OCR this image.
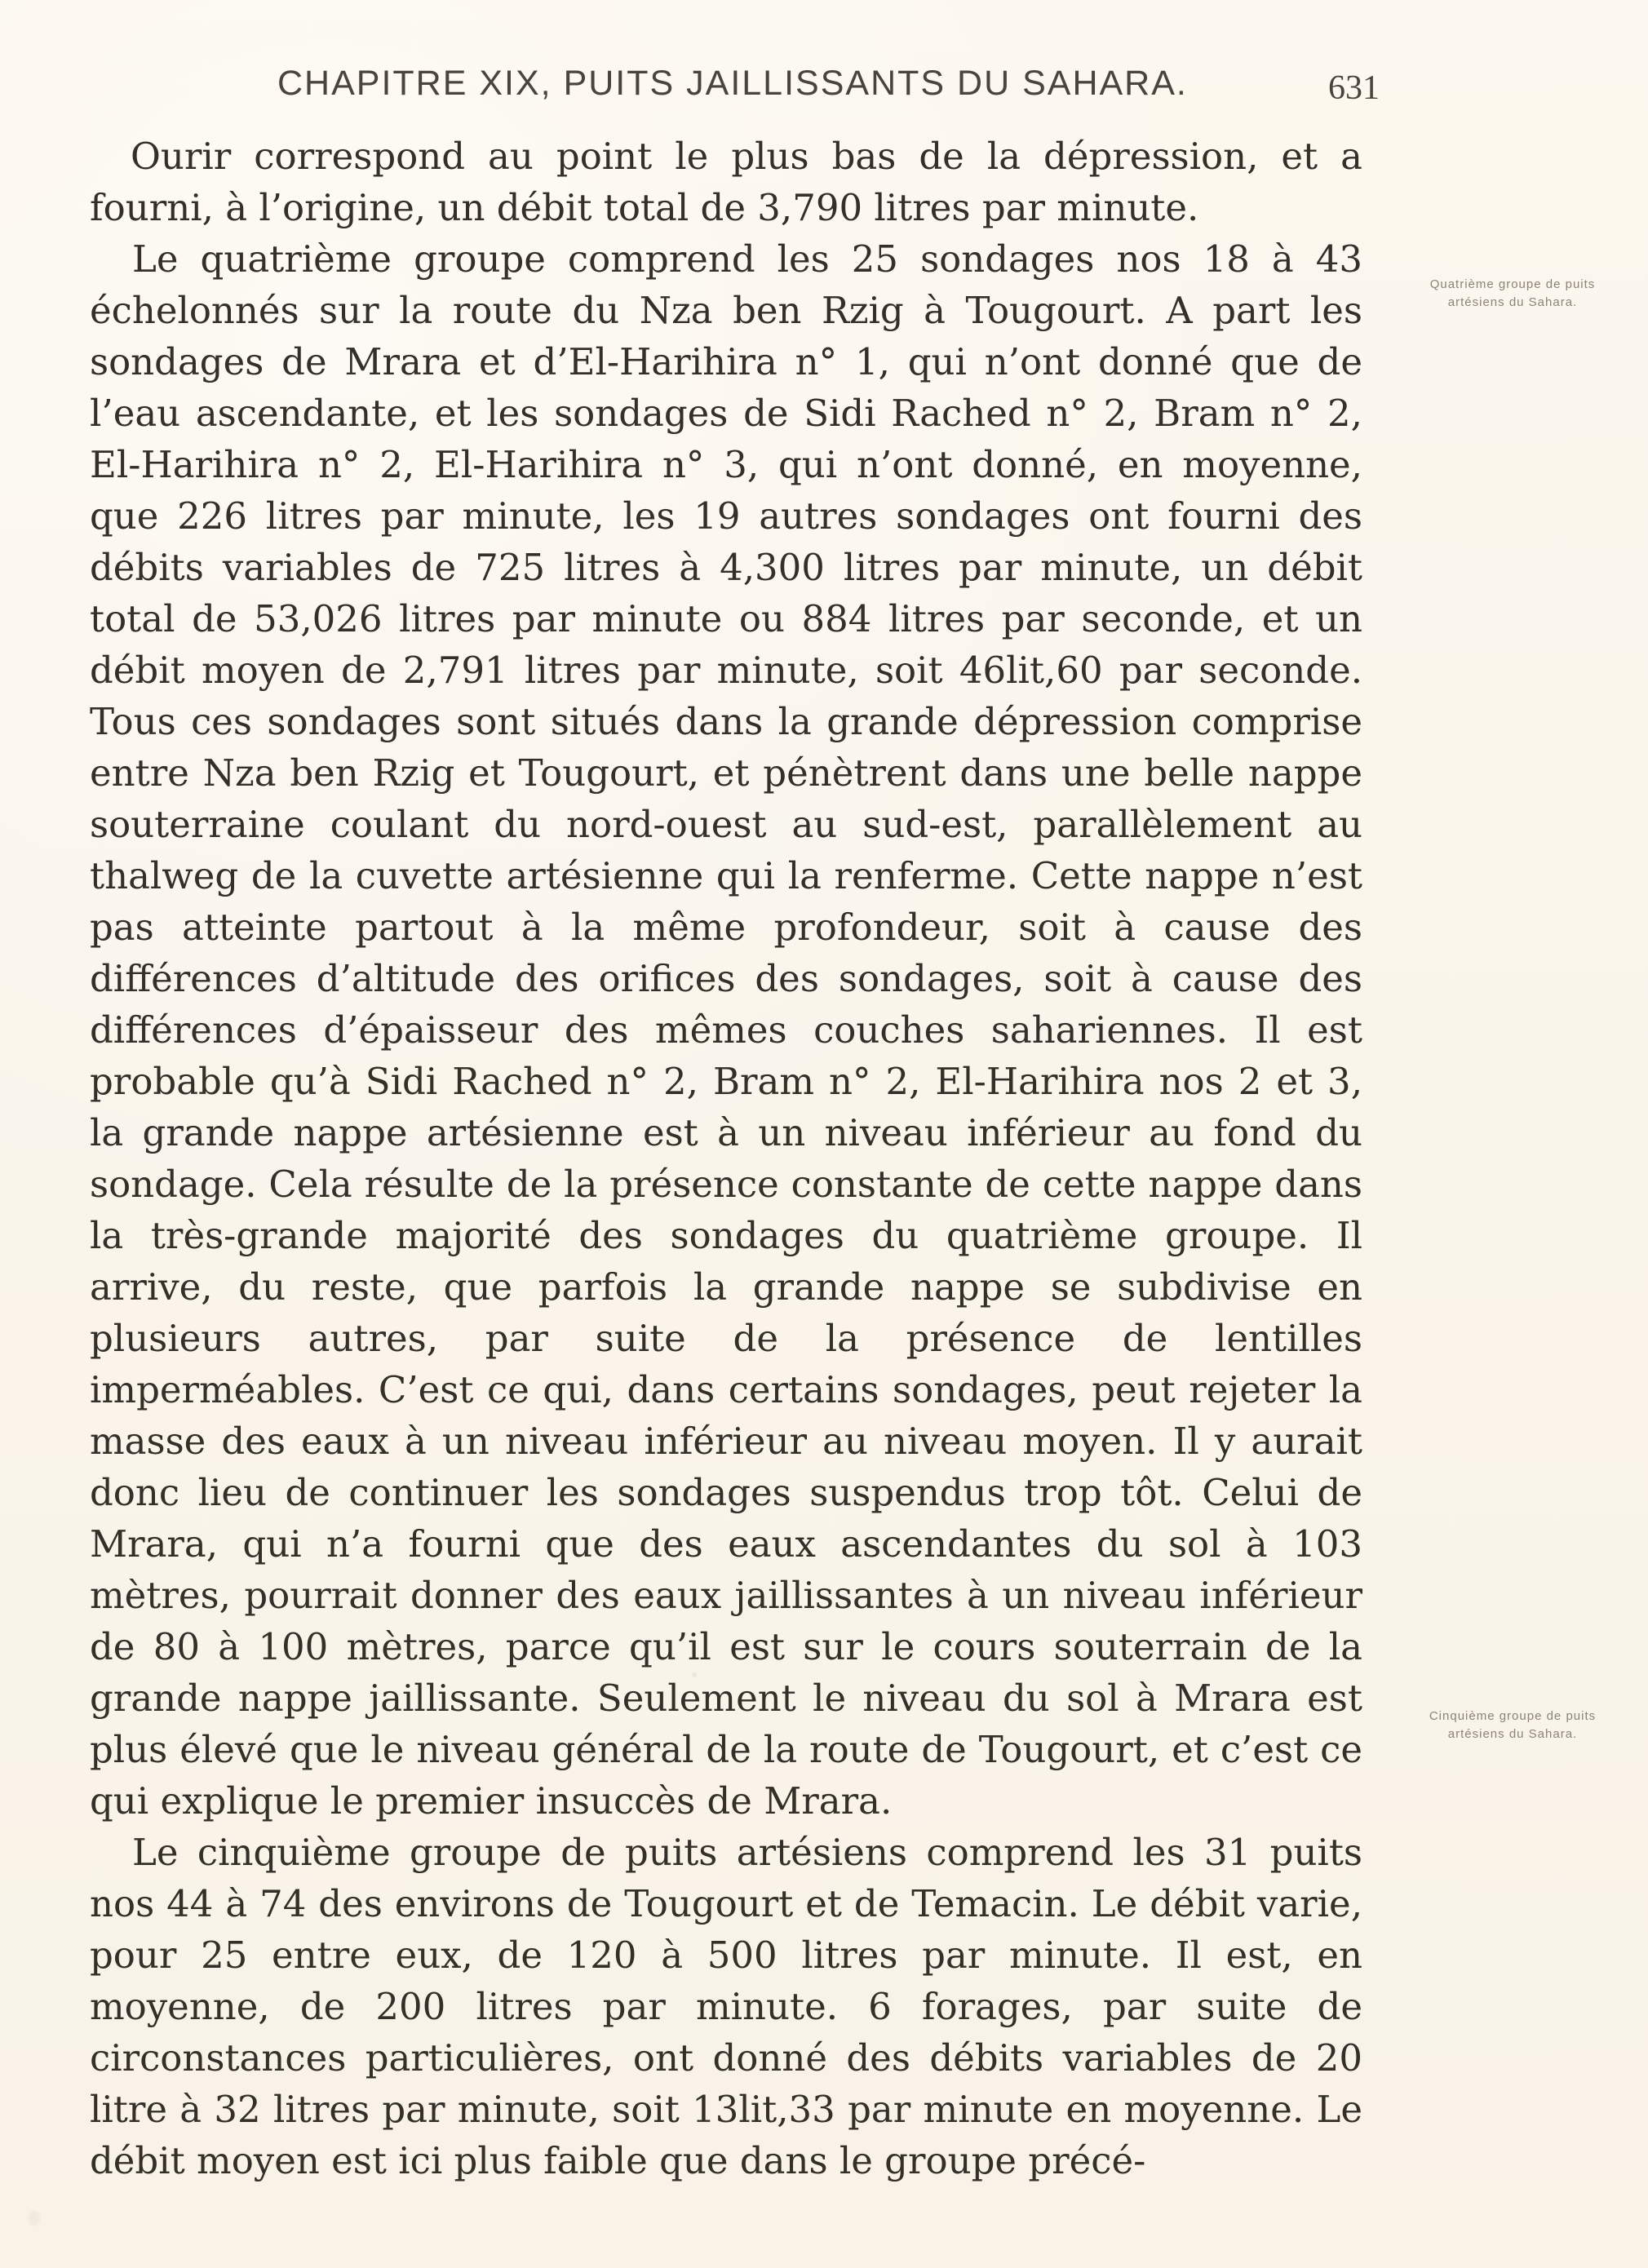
CHAPITRE XIX, PUITS JAILLISSANTS DU SAHARA.	631

Ourir correspond au point le plus bas de la dépression, et a fourni, à l’origine, un débit total de 3,790 litres par minute.

Le quatrième groupe comprend les 25 sondages nos 18 à 43 échelonnés sur la route du Nza ben Rzig à Tougourt. A part les sondages de Mrara et d’El-Harihira n° 1, qui n’ont donné que de l’eau ascendante, et les sondages de Sidi Rached n° 2, Bram n° 2, El-Harihira n° 2, El-Harihira n° 3, qui n’ont donné, en moyenne, que 226 litres par minute, les 19 autres sondages ont fourni des débits variables de 725 litres à 4,300 litres par minute, un débit total de 53,026 litres par minute ou 884 litres par seconde, et un débit moyen de 2,791 litres par minute, soit 46lit,60 par seconde. Tous ces sondages sont situés dans la grande dépression comprise entre Nza ben Rzig et Tougourt, et pénètrent dans une belle nappe souterraine coulant du nord-ouest au sud-est, parallèlement au thalweg de la cuvette artésienne qui la renferme. Cette nappe n’est pas atteinte partout à la même profondeur, soit à cause des différences d’altitude des orifices des sondages, soit à cause des différences d’épaisseur des mêmes couches sahariennes. Il est probable qu’à Sidi Rached n° 2, Bram n° 2, El-Harihira nos 2 et 3, la grande nappe artésienne est à un niveau inférieur au fond du sondage. Cela résulte de la présence constante de cette nappe dans la très-grande majorité des sondages du quatrième groupe. Il arrive, du reste, que parfois la grande nappe se subdivise en plusieurs autres, par suite de la présence de lentilles imperméables. C’est ce qui, dans certains sondages, peut rejeter la masse des eaux à un niveau inférieur au niveau moyen. Il y aurait donc lieu de continuer les sondages suspendus trop tôt. Celui de Mrara, qui n’a fourni que des eaux ascendantes du sol à 103 mètres, pourrait donner des eaux jaillissantes à un niveau inférieur de 80 à 100 mètres, parce qu’il est sur le cours souterrain de la grande nappe jaillissante. Seulement le niveau du sol à Mrara est plus élevé que le niveau général de la route de Tougourt, et c’est ce qui explique le premier insuccès de Mrara.

Le cinquième groupe de puits artésiens comprend les 31 puits nos 44 à 74 des environs de Tougourt et de Temacin. Le débit varie, pour 25 entre eux, de 120 à 500 litres par minute. Il est, en moyenne, de 200 litres par minute. 6 forages, par suite de circonstances particulières, ont donné des débits variables de 20 litre à 32 litres par minute, soit 13lit,33 par minute en moyenne. Le débit moyen est ici plus faible que dans le groupe précé-

Quatrième groupe de puits artésiens du Sahara.
Cinquième groupe de puits artésiens du Sahara.
